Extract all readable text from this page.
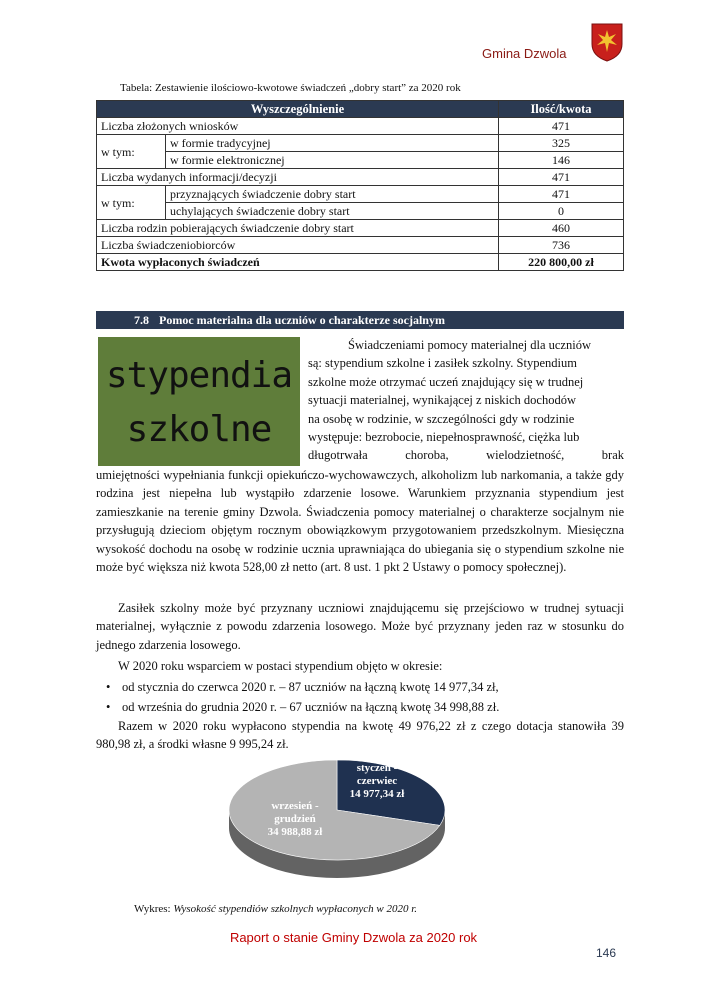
Gmina Dzwola
Tabela: Zestawienie ilościowo-kwotowe świadczeń „dobry start” za 2020 rok
Wyszczególnienie		Ilość/kwota
Liczba złożonych wniosków		471
w tym:	w formie tradycyjnej	325
	w formie elektronicznej	146
Liczba wydanych informacji/decyzji		471
w tym:	przyznających świadczenie dobry start	471
	uchylających świadczenie dobry start	0
Liczba rodzin pobierających świadczenie dobry start		460
Liczba świadczeniobiorców		736
Kwota wypłaconych świadczeń		220 800,00 zł
7.8 Pomoc materialna dla uczniów o charakterze socjalnym
stypendia
szkolne
Świadczeniami pomocy materialnej dla uczniów
są: stypendium szkolne i zasiłek szkolny. Stypendium
szkolne może otrzymać uczeń znajdujący się w trudnej
sytuacji materialnej, wynikającej z niskich dochodów
na osobę w rodzinie, w szczególności gdy w rodzinie
występuje: bezrobocie, niepełnosprawność, ciężka lub
długotrwała choroba, wielodzietność, brak
umiejętności wypełniania funkcji opiekuńczo-wychowawczych, alkoholizm lub narkomania, a także gdy rodzina jest niepełna lub wystąpiło zdarzenie losowe. Warunkiem przyznania stypendium jest zamieszkanie na terenie gminy Dzwola. Świadczenia pomocy materialnej o charakterze socjalnym nie przysługują dzieciom objętym rocznym obowiązkowym przygotowaniem przedszkolnym. Miesięczna wysokość dochodu na osobę w rodzinie ucznia uprawniająca do ubiegania się o stypendium szkolne nie może być większa niż kwota 528,00 zł netto (art. 8 ust. 1 pkt 2 Ustawy o pomocy społecznej).
Zasiłek szkolny może być przyznany uczniowi znajdującemu się przejściowo w trudnej sytuacji materialnej, wyłącznie z powodu zdarzenia losowego. Może być przyznany jeden raz w stosunku do jednego zdarzenia losowego.
W 2020 roku wsparciem w postaci stypendium objęto w okresie:
• od stycznia do czerwca 2020 r. – 87 uczniów na łączną kwotę 14 977,34 zł,
• od września do grudnia 2020 r. – 67 uczniów na łączną kwotę 34 998,88 zł.
Razem w 2020 roku wypłacono stypendia na kwotę 49 976,22 zł z czego dotacja stanowiła 39 980,98 zł, a środki własne 9 995,24 zł.
styczeń -
czerwiec
14 977,34 zł
wrzesień -
grudzień
34 988,88 zł
Wykres: Wysokość stypendiów szkolnych wypłaconych w 2020 r.
Raport o stanie Gminy Dzwola za 2020 rok
146
